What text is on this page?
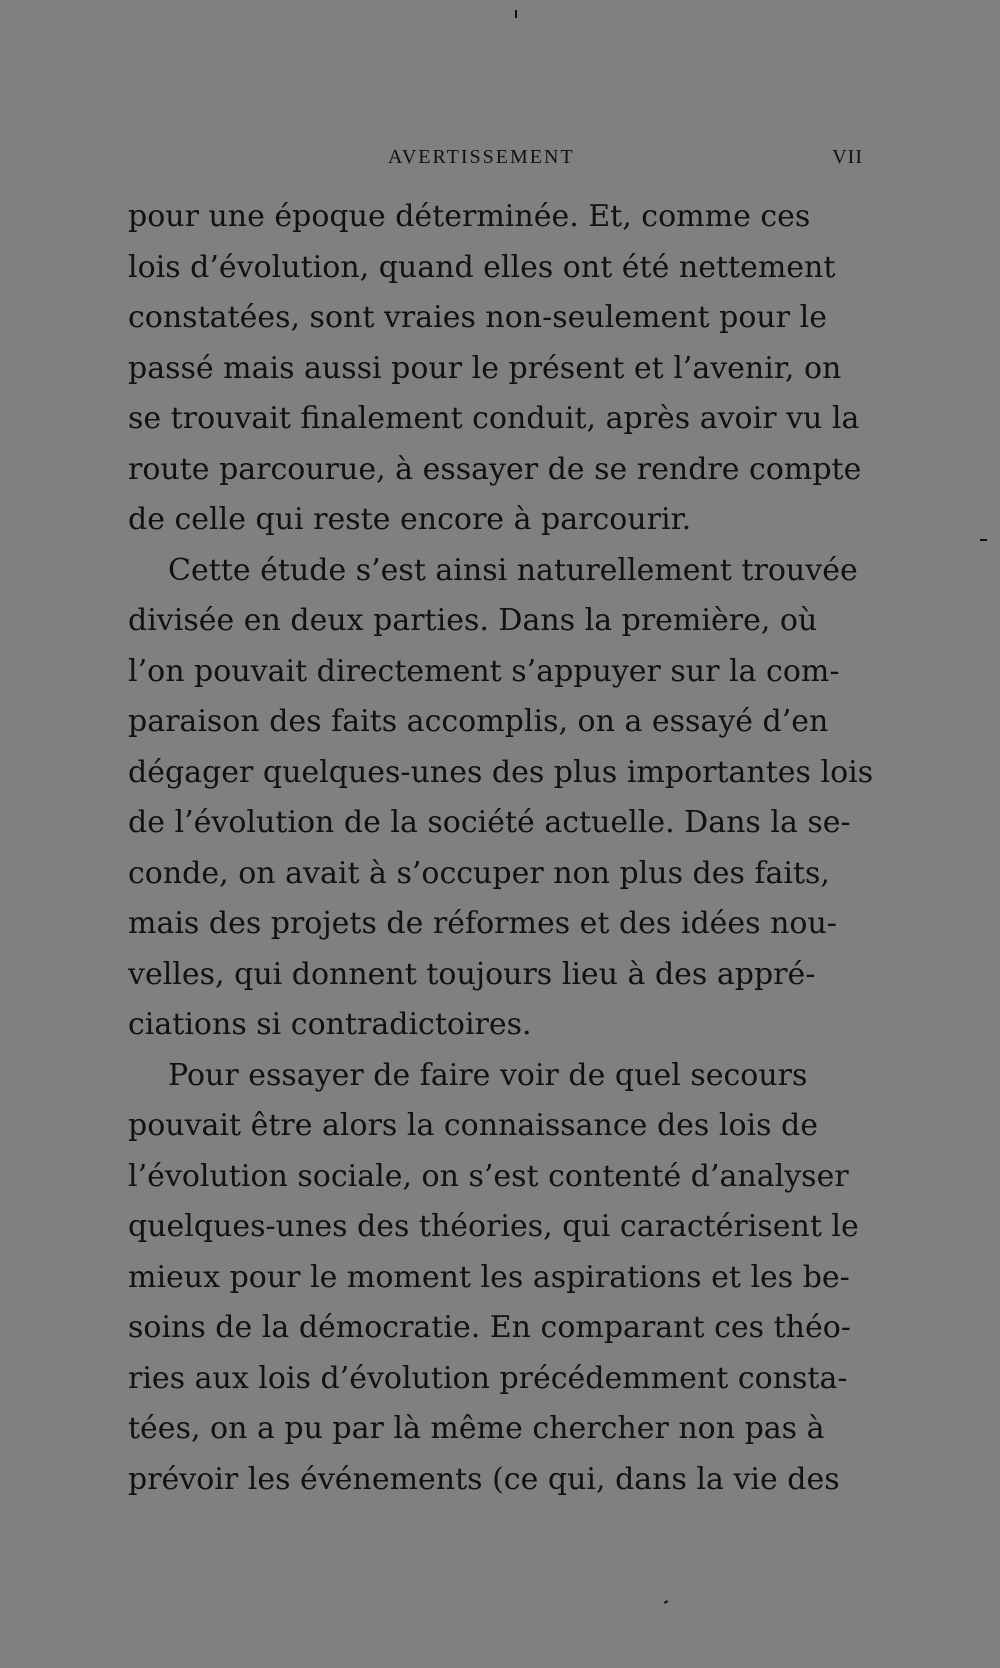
AVERTISSEMENT	VII
pour une époque déterminée. Et, comme ces
lois d’évolution, quand elles ont été nettement
constatées, sont vraies non-seulement pour le
passé mais aussi pour le présent et l’avenir, on
se trouvait finalement conduit, après avoir vu la
route parcourue, à essayer de se rendre compte
de celle qui reste encore à parcourir.
Cette étude s’est ainsi naturellement trouvée
divisée en deux parties. Dans la première, où
l’on pouvait directement s’appuyer sur la com-
paraison des faits accomplis, on a essayé d’en
dégager quelques-unes des plus importantes lois
de l’évolution de la société actuelle. Dans la se-
conde, on avait à s’occuper non plus des faits,
mais des projets de réformes et des idées nou-
velles, qui donnent toujours lieu à des appré-
ciations si contradictoires.
Pour essayer de faire voir de quel secours
pouvait être alors la connaissance des lois de
l’évolution sociale, on s’est contenté d’analyser
quelques-unes des théories, qui caractérisent le
mieux pour le moment les aspirations et les be-
soins de la démocratie. En comparant ces théo-
ries aux lois d’évolution précédemment consta-
tées, on a pu par là même chercher non pas à
prévoir les événements (ce qui, dans la vie des
